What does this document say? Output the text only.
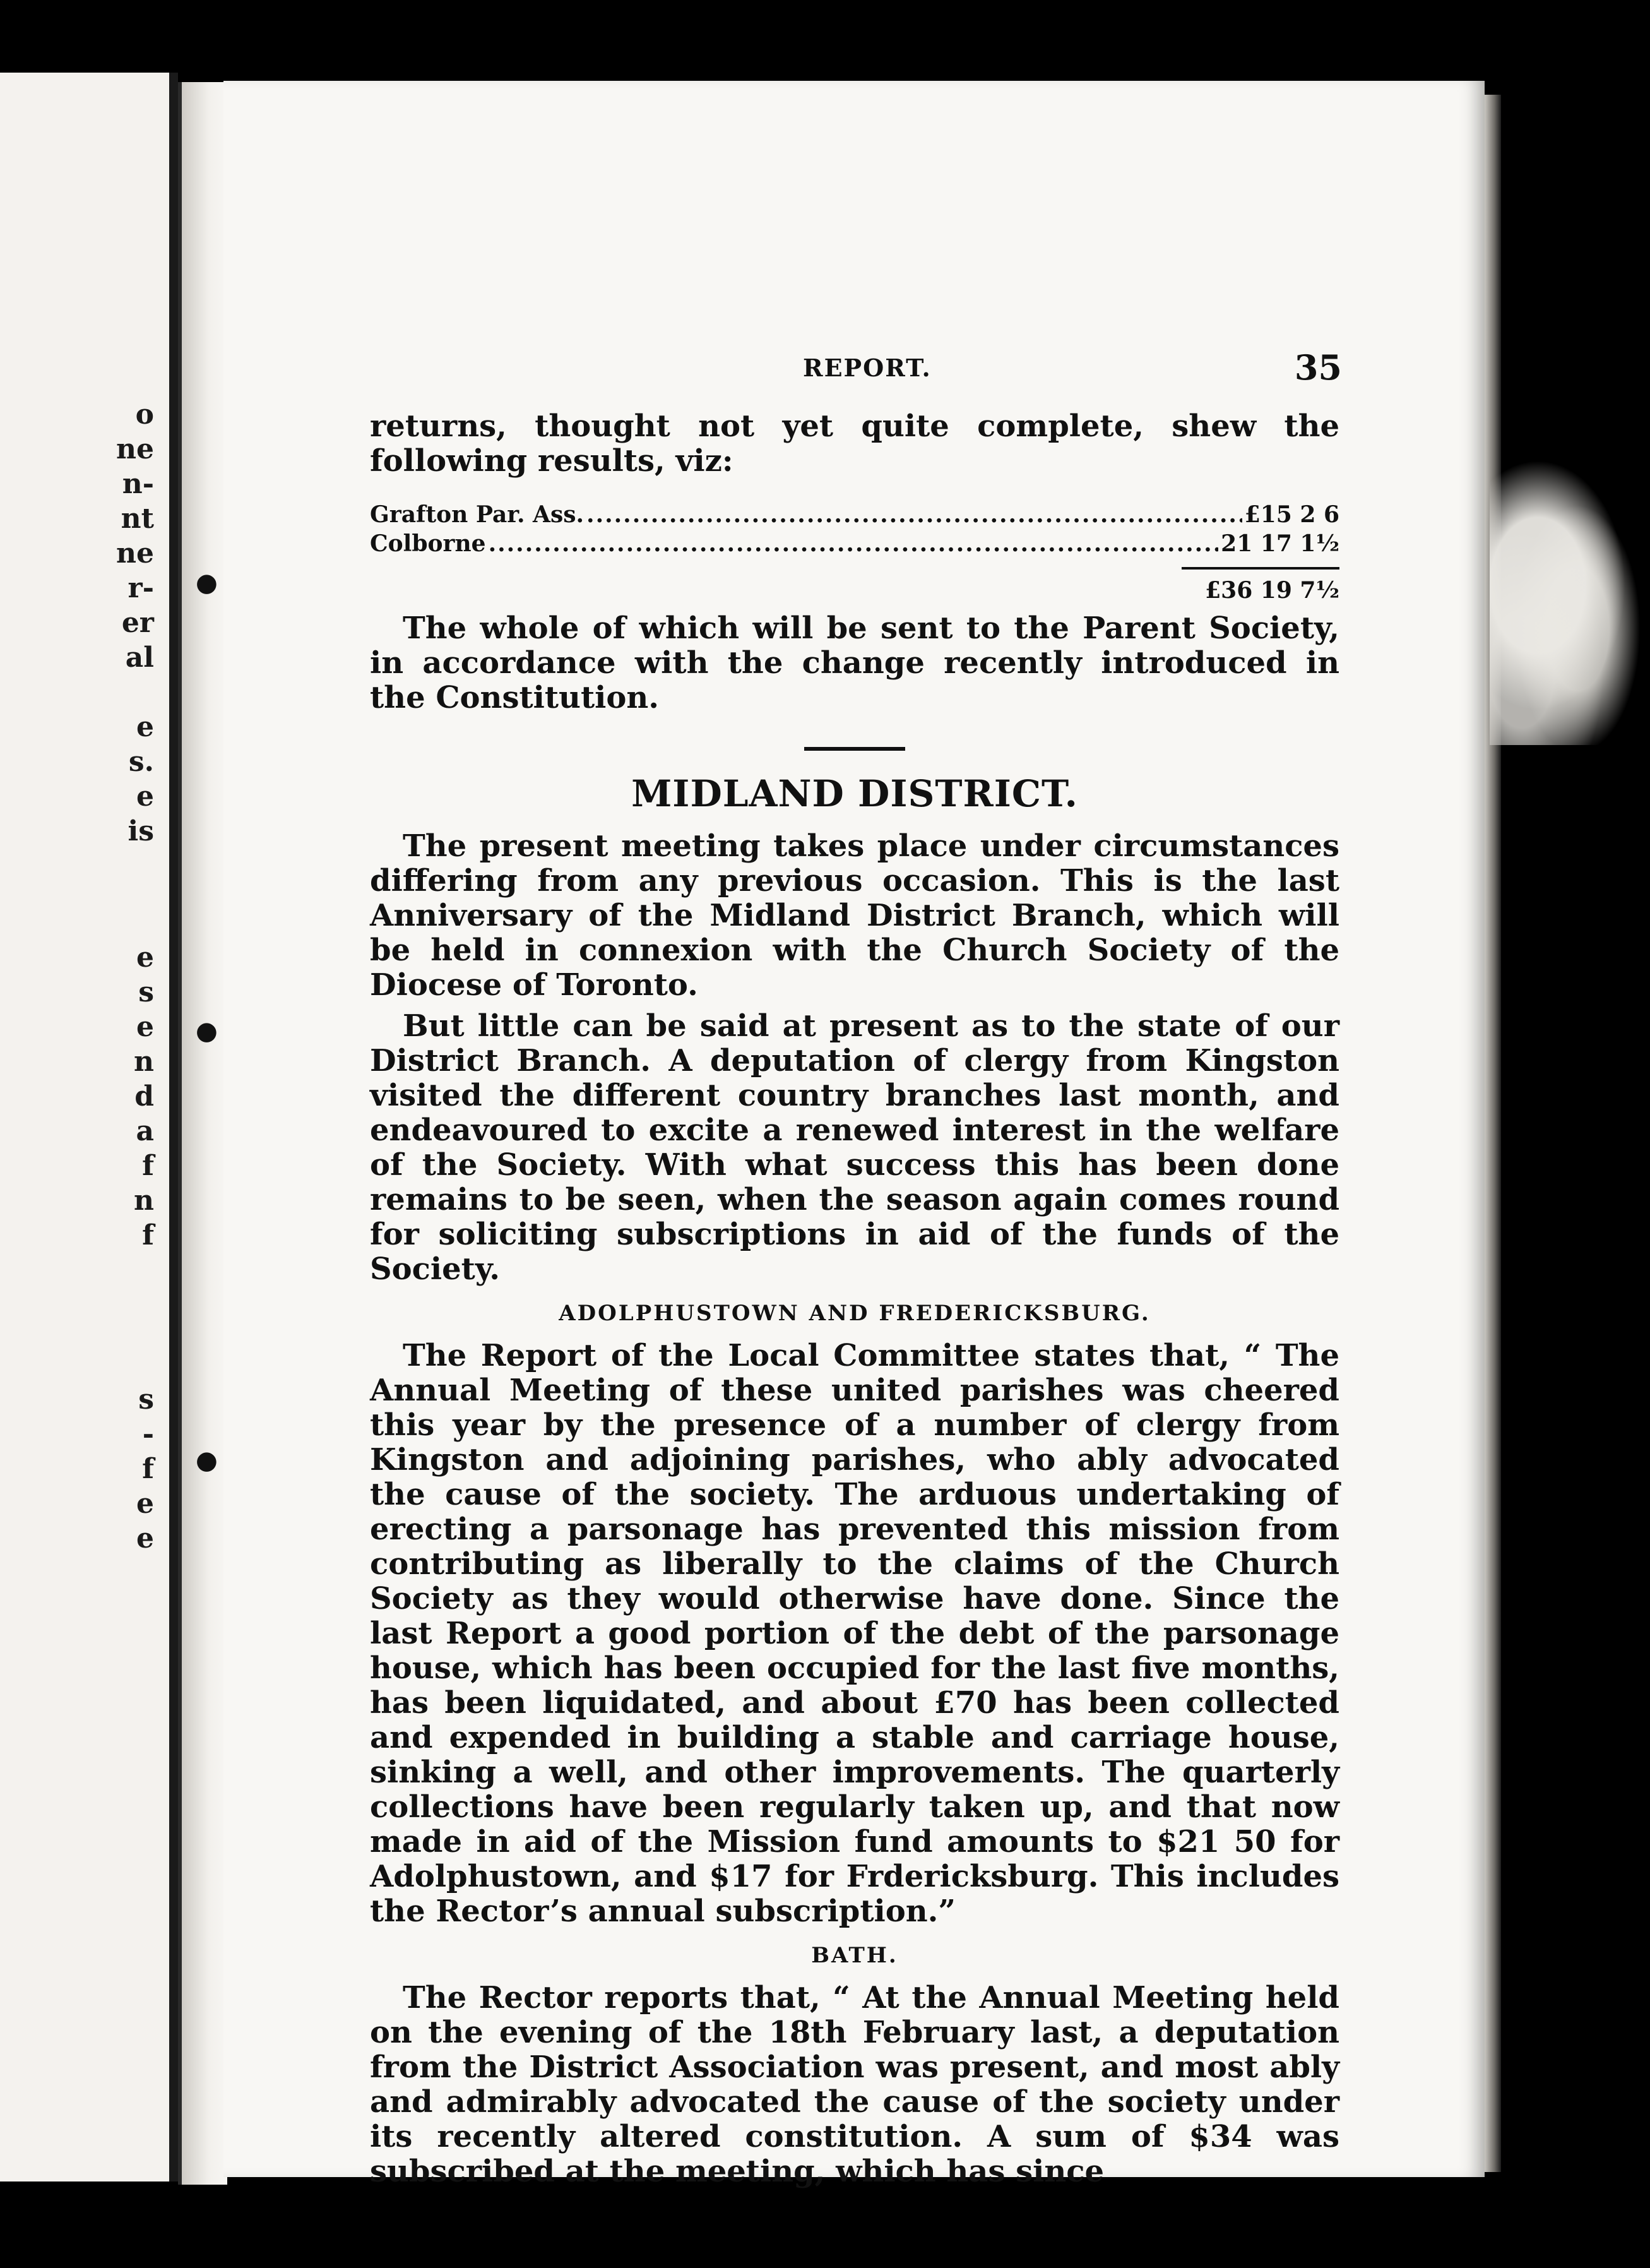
o
ne
n-
nt
ne
r-
er
al
e
s.
e
is
e
s
e
n
d
a
f
n
f
s
-
f
e
e
●
●
●
REPORT.	35

returns, thought not yet quite complete, shew the following results, viz:

Grafton Par. Ass. .....	£15 2 6
Colborne .....	21 17 1½
£36 19 7½

The whole of which will be sent to the Parent Society, in accordance with the change recently introduced in the Constitution.

MIDLAND DISTRICT.

The present meeting takes place under circumstances differing from any previous occasion. This is the last Anniversary of the Midland District Branch, which will be held in connexion with the Church Society of the Diocese of Toronto.

But little can be said at present as to the state of our District Branch. A deputation of clergy from Kingston visited the different country branches last month, and endeavoured to excite a renewed interest in the welfare of the Society. With what success this has been done remains to be seen, when the season again comes round for soliciting subscriptions in aid of the funds of the Society.

ADOLPHUSTOWN AND FREDERICKSBURG.

The Report of the Local Committee states that, “ The Annual Meeting of these united parishes was cheered this year by the presence of a number of clergy from Kingston and adjoining parishes, who ably advocated the cause of the society. The arduous undertaking of erecting a parsonage has prevented this mission from contributing as liberally to the claims of the Church Society as they would otherwise have done. Since the last Report a good portion of the debt of the parsonage house, which has been occupied for the last five months, has been liquidated, and about £70 has been collected and expended in building a stable and carriage house, sinking a well, and other improvements. The quarterly collections have been regularly taken up, and that now made in aid of the Mission fund amounts to $21 50 for Adolphustown, and $17 for Frdericksburg. This includes the Rector’s annual subscription.”

BATH.

The Rector reports that, “ At the Annual Meeting held on the evening of the 18th February last, a deputation from the District Association was present, and most ably and admirably advocated the cause of the society under its recently altered constitution. A sum of $34 was subscribed at the meeting, which has since
